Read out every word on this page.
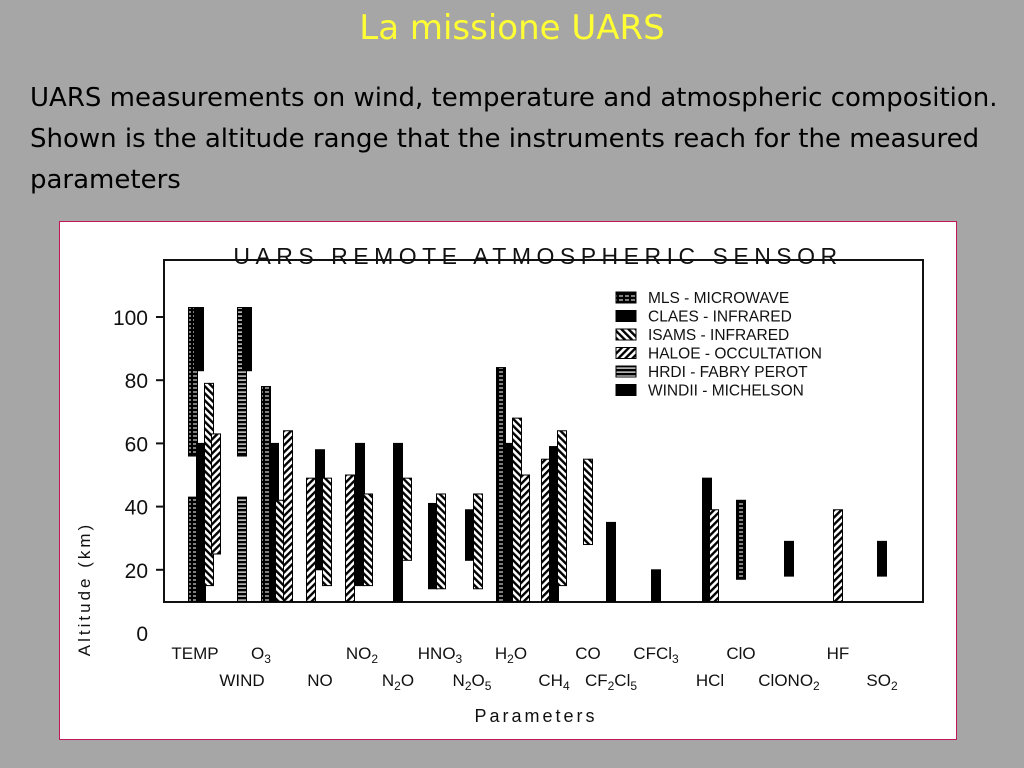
La missione UARS
UARS measurements on wind, temperature and atmospheric composition. Shown is the altitude range that the instruments reach for the measured parameters
UARS REMOTE ATMOSPHERIC SENSOR
0
20
40
60
80
100
MLS - MICROWAVE
CLAES - INFRARED
ISAMS - INFRARED
HALOE - OCCULTATION
HRDI - FABRY PEROT
WINDII - MICHELSON
TEMP
WIND
$O_3$
NO
$NO_2$
$N_2O$
$HNO_3$
$N_2O_5$
$H_2O$
$CH_4$
CO
$CF_2Cl_5$
CFCl$_3$
HCl
ClO
ClONO$_2$
HF
$SO_2$
Altitude (km)
Parameters
